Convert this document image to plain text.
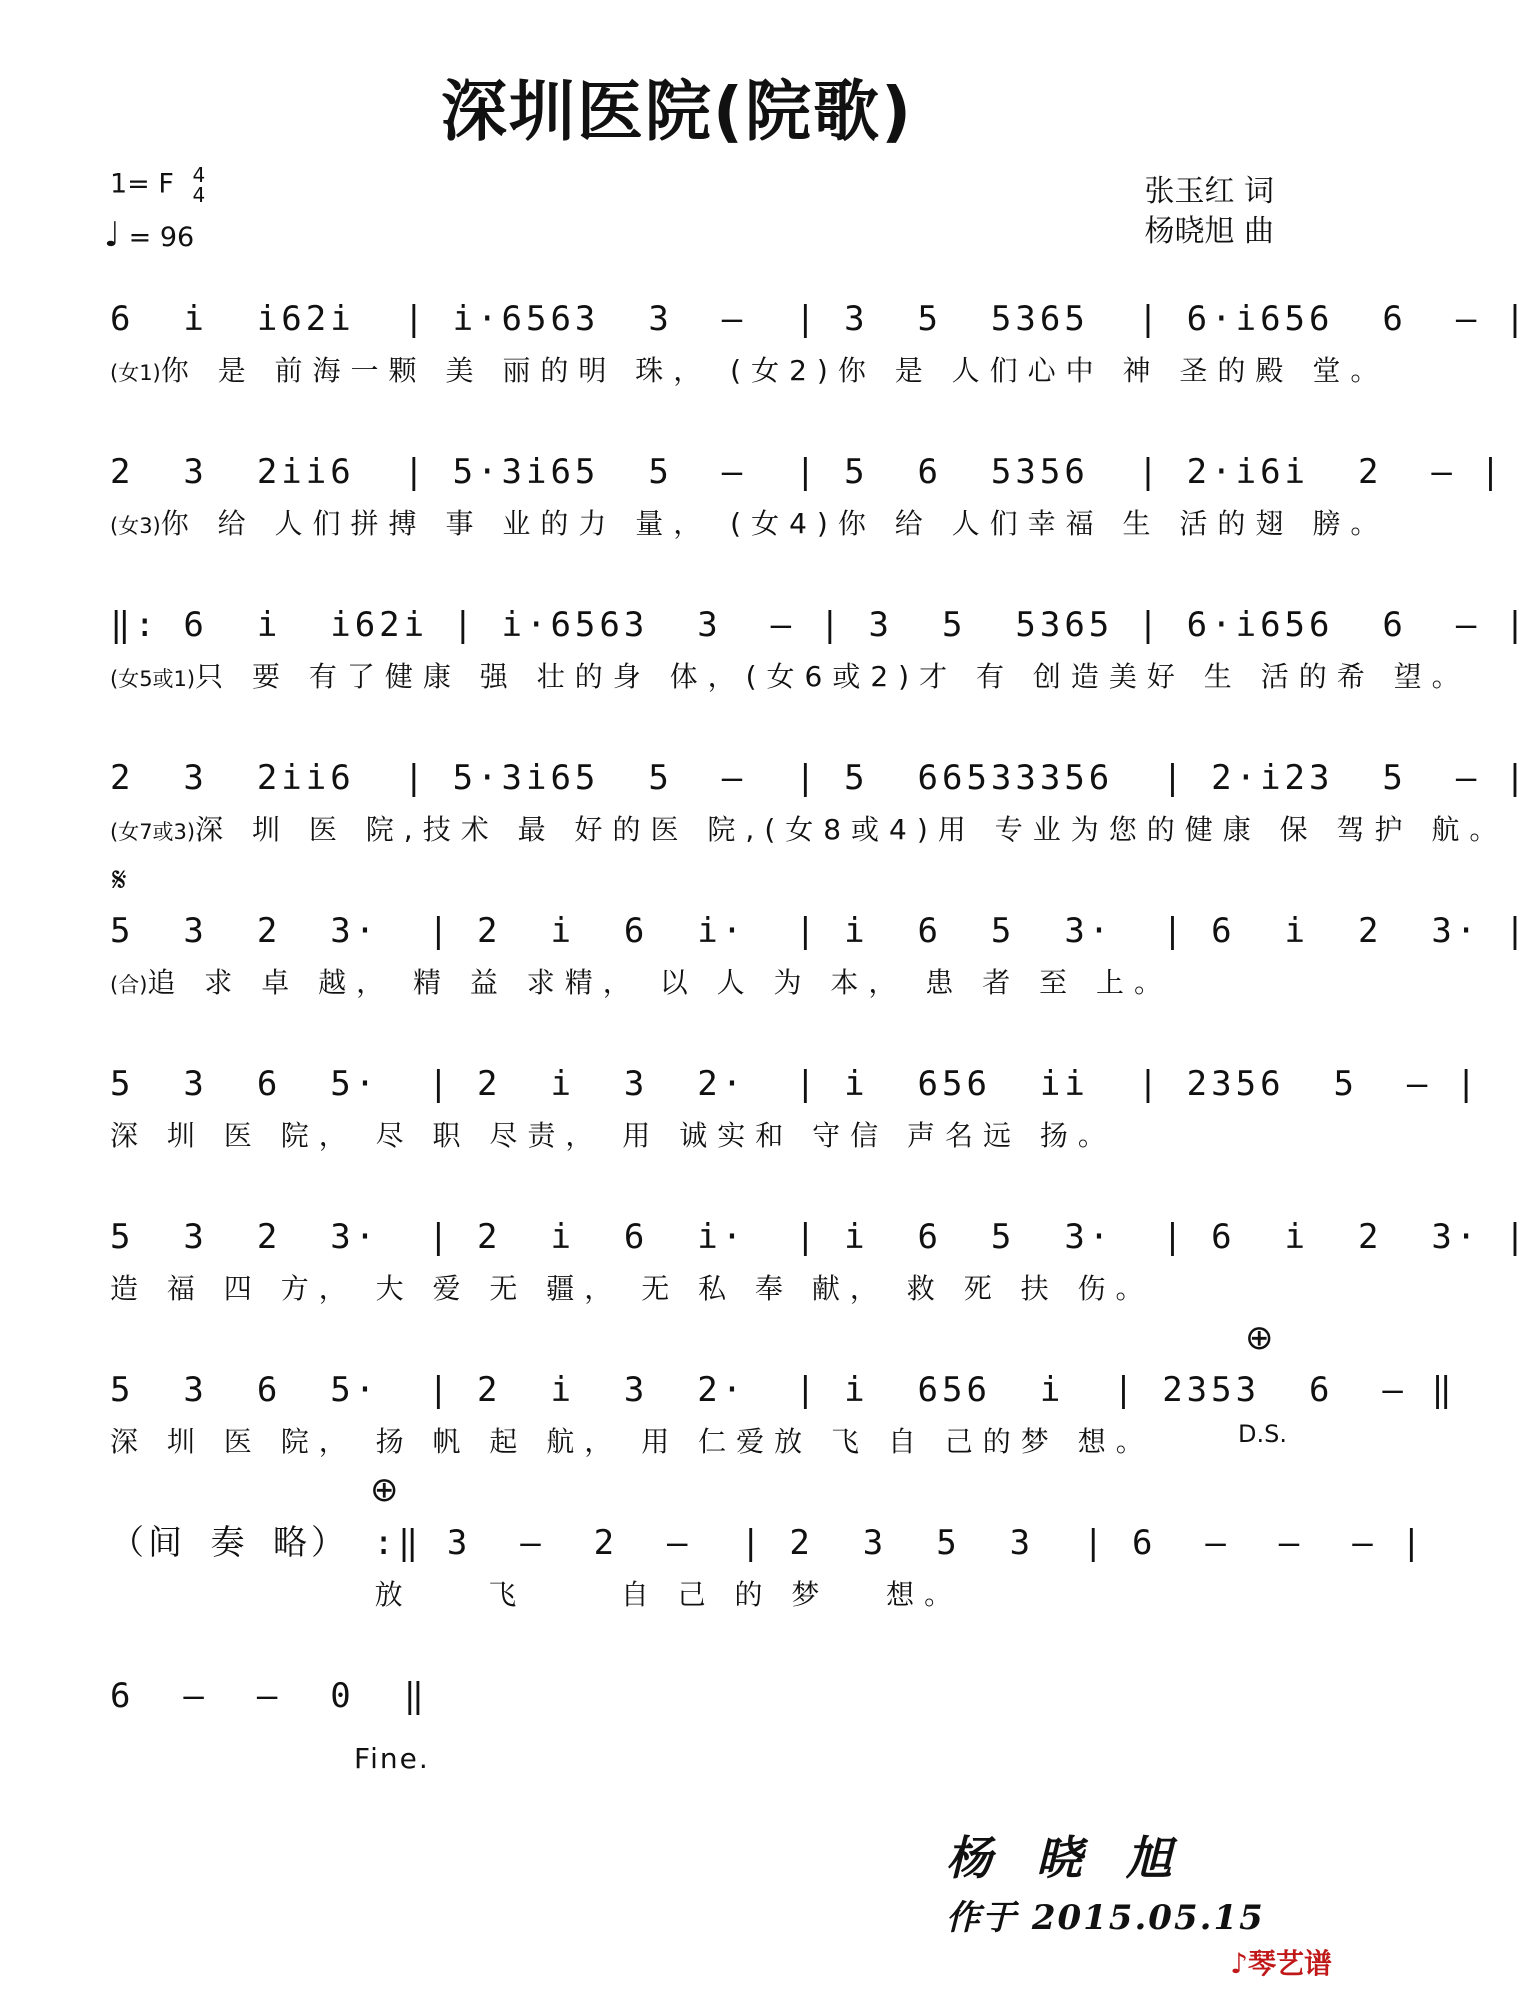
深圳医院(院歌)
1= F 4
4
♩ = 96
张玉红 词
杨晓旭 曲
6  i  i62i  | i·6563  3  —  | 3  5  5365  | 6·i656  6  — |
(女1)你 是 前海一颗 美 丽的明 珠， (女2)你 是 人们心中 神 圣的殿 堂。
2  3  2ii6  | 5·3i65  5  —  | 5  6  5356  | 2·i6i  2  — |
(女3)你 给 人们拼搏 事 业的力 量， (女4)你 给 人们幸福 生 活的翅 膀。
‖: 6  i  i62i | i·6563  3  — | 3  5  5365 | 6·i656  6  — |
(女5或1)只 要 有了健康 强 壮的身 体，(女6或2)才 有 创造美好 生 活的希 望。
2  3  2ii6  | 5·3i65  5  —  | 5  66533356  | 2·i23  5  — |
(女7或3)深 圳 医 院,技术 最 好的医 院,(女8或4)用 专业为您的健康 保 驾护 航。
𝄋
5  3  2  3·  | 2  i  6  i·  | i  6  5  3·  | 6  i  2  3· |
(合)追 求 卓 越， 精 益 求精， 以 人 为 本， 患 者 至 上。
5  3  6  5·  | 2  i  3  2·  | i  656  ii  | 2356  5  — |
深 圳 医 院， 尽 职 尽责， 用 诚实和 守信 声名远 扬。
5  3  2  3·  | 2  i  6  i·  | i  6  5  3·  | 6  i  2  3· |
造 福 四 方， 大 爱 无 疆， 无 私 奉 献， 救 死 扶 伤。
⊕
5  3  6  5·  | 2  i  3  2·  | i  656  i  | 2353  6  — ‖
深 圳 医 院， 扬 帆 起 航， 用 仁爱放 飞 自 己的梦 想。	D.S.
⊕
（间 奏 略） :‖ 3  —  2  —  | 2  3  5  3  | 6  —  —  — |
放    飞     自 己 的 梦   想。
6  —  —  0  ‖
Fine.
杨晓旭
作于 2015.05.15
♪琴艺谱
